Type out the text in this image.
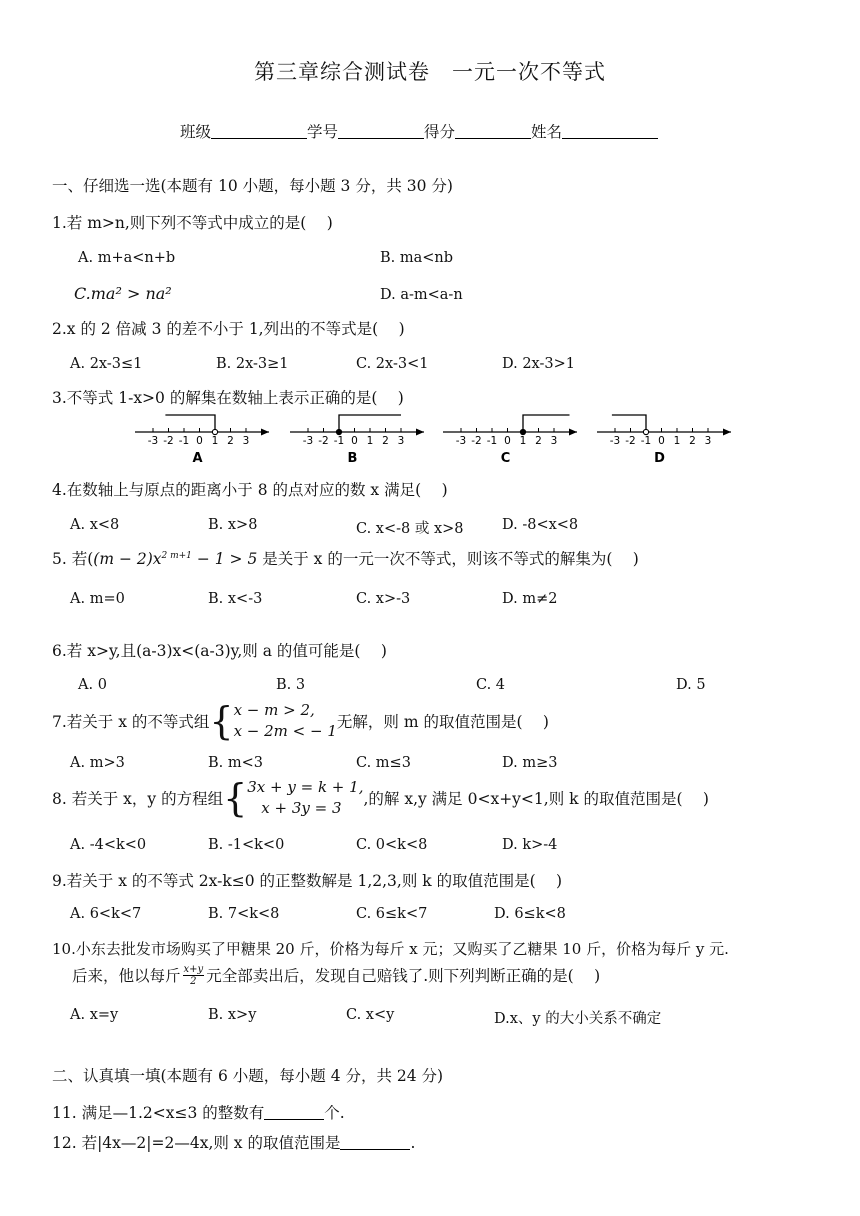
第三章综合测试卷　一元一次不等式
班级	学号	得分	姓名
一、仔细选一选(本题有 10 小题，每小题 3 分，共 30 分)
1.若 m>n,则下列不等式中成立的是(　 )
A. m+a<n+b	B. ma<nb
C.ma² > na²	D. a-m<a-n
2.x 的 2 倍减 3 的差不小于 1,列出的不等式是(　 )
A. 2x-3≤1	B. 2x-3≥1	C. 2x-3<1	D. 2x-3>1
3.不等式 1-x>0 的解集在数轴上表示正确的是(　 )
-3 -2 -1 0 1 2 3
A
-3 -2 -1 0 1 2 3
B
-3 -2 -1 0 1 2 3
C
-3 -2 -1 0 1 2 3
D
4.在数轴上与原点的距离小于 8 的点对应的数 x 满足(　 )
A. x<8	B. x>8	C. x<-8 或 x>8	D. -8<x<8
5. 若($(m - 2)x^{2 m+1} - 1 > 5$ 是关于 x 的一元一次不等式，则该不等式的解集为(　 )
A. m=0	B. x<-3	C. x>-3	D. m≠2
6.若 x>y,且(a-3)x<(a-3)y,则 a 的值可能是(　 )
A. 0	B. 3	C. 4	D. 5
7.若关于 x 的不等式组 { x − m > 2,
x − 2m < − 1 无解，则 m 的取值范围是(　 )
A. m>3	B. m<3	C. m≤3	D. m≥3
8. 若关于 x，y 的方程组 { 3x + y = k + 1,
x + 3y = 3	,的解 x,y 满足 0<x+y<1,则 k 的取值范围是(　 )
A. -4<k<0	B. -1<k<0	C. 0<k<8	D. k>-4
9.若关于 x 的不等式 2x-k≤0 的正整数解是 1,2,3,则 k 的取值范围是(　 )
A. 6<k<7	B. 7<k<8	C. 6≤k<7	D. 6≤k<8
10.小东去批发市场购买了甲糖果 20 斤，价格为每斤 x 元；又购买了乙糖果 10 斤，价格为每斤 y 元.
后来，他以每斤 $\frac{x+y}{2}$ 元全部卖出后，发现自己赔钱了.则下列判断正确的是(　 )
A. x=y	B. x>y	C. x<y	D.x、y 的大小关系不确定
二、认真填一填(本题有 6 小题，每小题 4 分，共 24 分)
11. 满足—1.2<x≤3 的整数有	个.
12. 若|4x—2|=2—4x,则 x 的取值范围是	.
